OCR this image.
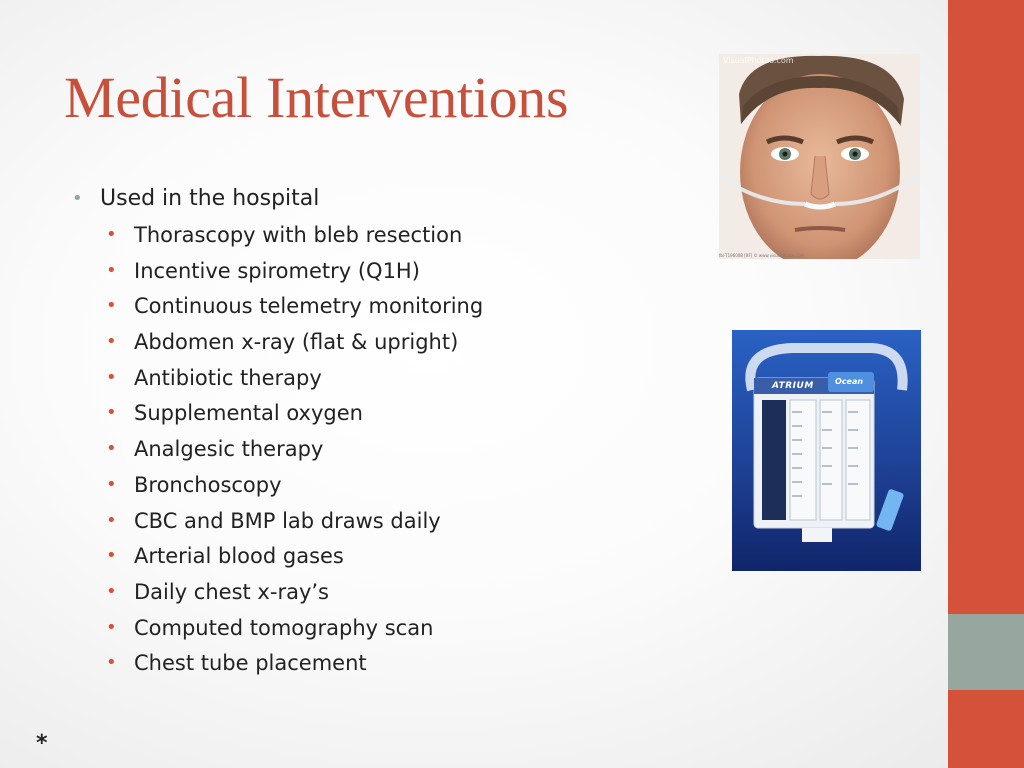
Medical Interventions
• Used in the hospital
• Thorascopy with bleb resection
• Incentive spirometry (Q1H)
• Continuous telemetry monitoring
• Abdomen x-ray (flat & upright)
• Antibiotic therapy
• Supplemental oxygen
• Analgesic therapy
• Bronchoscopy
• CBC and BMP lab draws daily
• Arterial blood gases
• Daily chest x-ray’s
• Computed tomography scan
• Chest tube placement
VisualPhotos.com
fbl-T196008 [RF] © www.visualphotos.com
ATRIUM	Ocean
*
